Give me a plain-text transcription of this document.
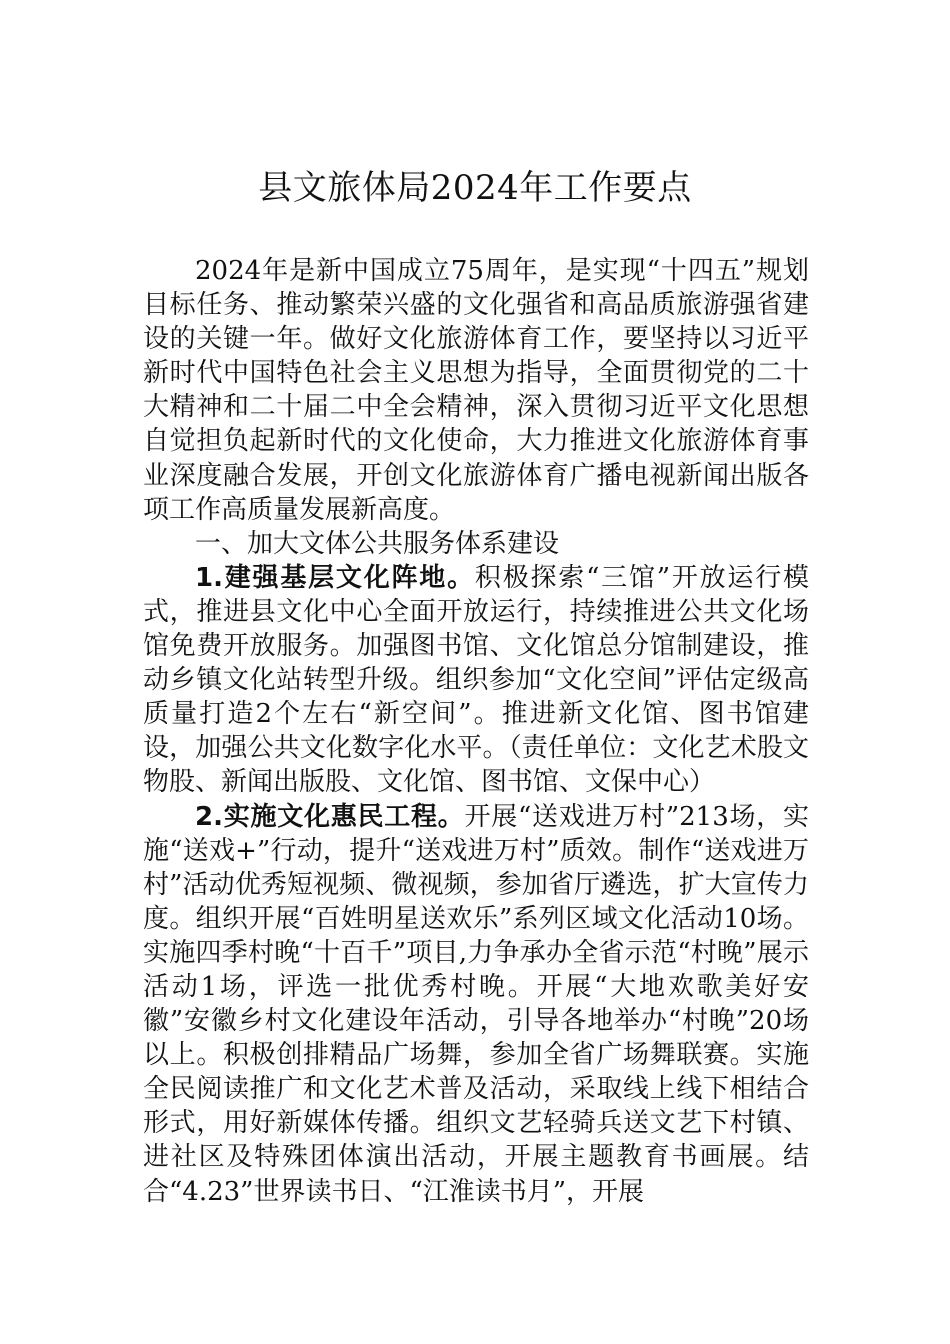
县文旅体局2024年工作要点

2024年是新中国成立75周年，是实现“十四五”规划目标任务、推动繁荣兴盛的文化强省和高品质旅游强省建设的关键一年。做好文化旅游体育工作，要坚持以习近平新时代中国特色社会主义思想为指导，全面贯彻党的二十大精神和二十届二中全会精神，深入贯彻习近平文化思想自觉担负起新时代的文化使命，大力推进文化旅游体育事业深度融合发展，开创文化旅游体育广播电视新闻出版各项工作高质量发展新高度。

一、加大文体公共服务体系建设

1.建强基层文化阵地。积极探索“三馆”开放运行模式，推进县文化中心全面开放运行，持续推进公共文化场馆免费开放服务。加强图书馆、文化馆总分馆制建设，推动乡镇文化站转型升级。组织参加“文化空间”评估定级高质量打造2个左右“新空间”。推进新文化馆、图书馆建设，加强公共文化数字化水平。（责任单位：文化艺术股文物股、新闻出版股、文化馆、图书馆、文保中心）

2.实施文化惠民工程。开展“送戏进万村”213场，实施“送戏+”行动，提升“送戏进万村”质效。制作“送戏进万村”活动优秀短视频、微视频，参加省厅遴选，扩大宣传力度。组织开展“百姓明星送欢乐”系列区域文化活动10场。实施四季村晚“十百千”项目,力争承办全省示范“村晚”展示活动1场，评选一批优秀村晚。开展“大地欢歌美好安徽”安徽乡村文化建设年活动，引导各地举办“村晚”20场以上。积极创排精品广场舞，参加全省广场舞联赛。实施全民阅读推广和文化艺术普及活动，采取线上线下相结合形式，用好新媒体传播。组织文艺轻骑兵送文艺下村镇、进社区及特殊团体演出活动，开展主题教育书画展。结合“4.23”世界读书日、“江淮读书月”，开展
